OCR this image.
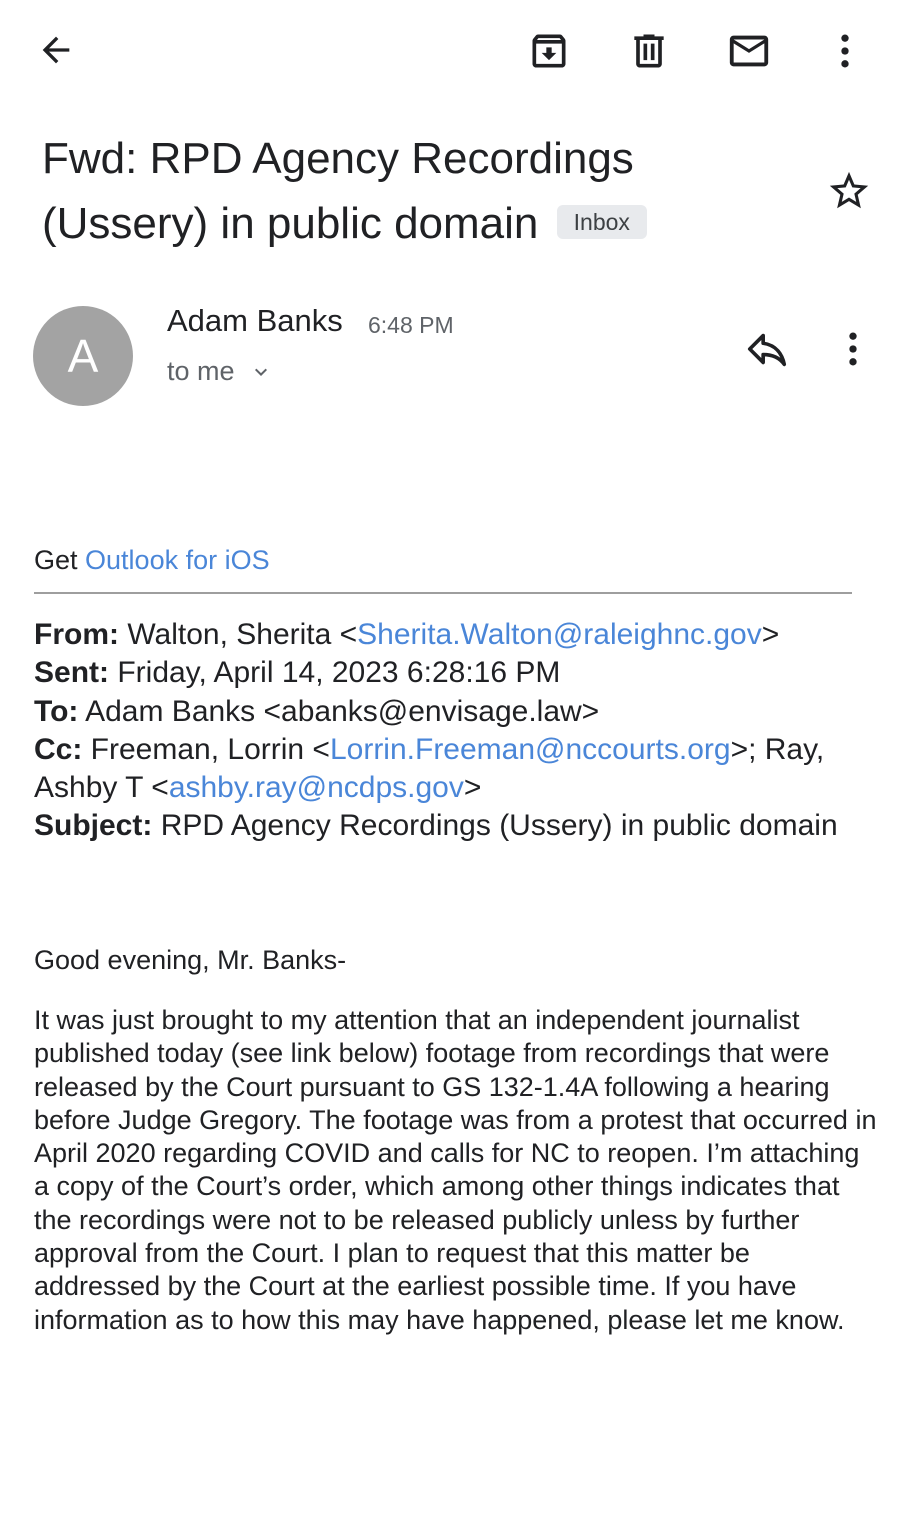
Fwd: RPD Agency Recordings (Ussery) in public domain Inbox
A
Adam Banks 6:48 PM
to me
Get Outlook for iOS
From: Walton, Sherita <Sherita.Walton@raleighnc.gov>
Sent: Friday, April 14, 2023 6:28:16 PM
To: Adam Banks <abanks@envisage.law>
Cc: Freeman, Lorrin <Lorrin.Freeman@nccourts.org>; Ray, Ashby T <ashby.ray@ncdps.gov>
Subject: RPD Agency Recordings (Ussery) in public domain
Good evening, Mr. Banks-
It was just brought to my attention that an independent journalist published today (see link below) footage from recordings that were released by the Court pursuant to GS 132-1.4A following a hearing before Judge Gregory. The footage was from a protest that occurred in April 2020 regarding COVID and calls for NC to reopen. I’m attaching a copy of the Court’s order, which among other things indicates that the recordings were not to be released publicly unless by further approval from the Court. I plan to request that this matter be addressed by the Court at the earliest possible time. If you have information as to how this may have happened, please let me know.
